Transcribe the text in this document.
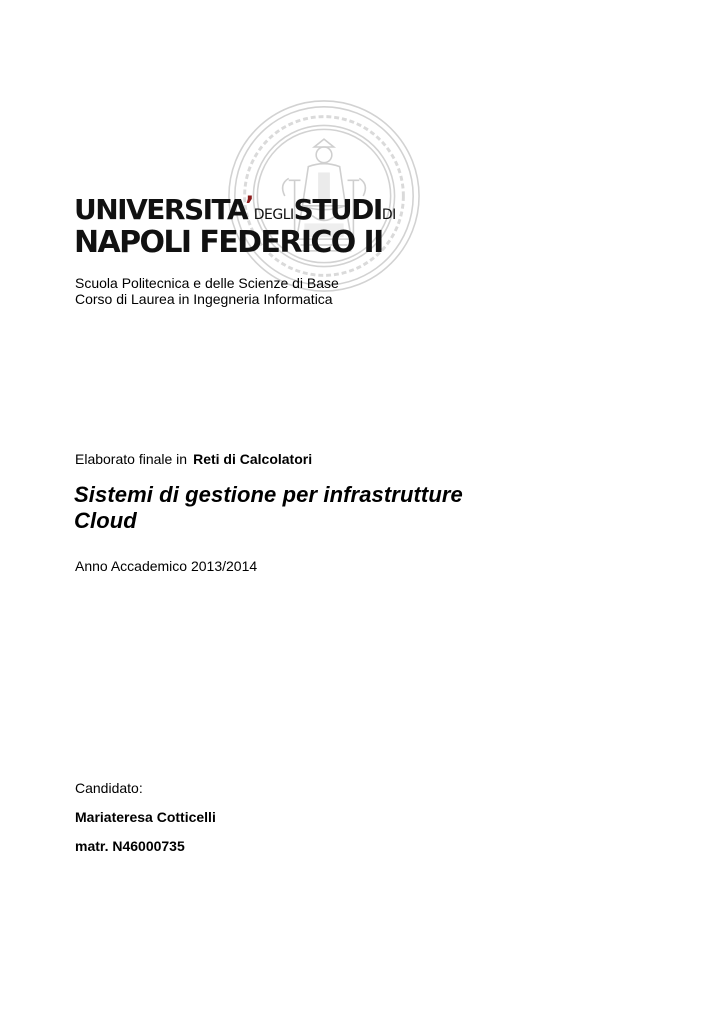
UNIVERSITA’DEGLISTUDIDI
NAPOLI FEDERICO II
Scuola Politecnica e delle Scienze di Base
Corso di Laurea in Ingegneria Informatica
Elaborato finale in Reti di Calcolatori
Sistemi di gestione per infrastrutture
Cloud
Anno Accademico 2013/2014
Candidato:
Mariateresa Cotticelli
matr. N46000735
